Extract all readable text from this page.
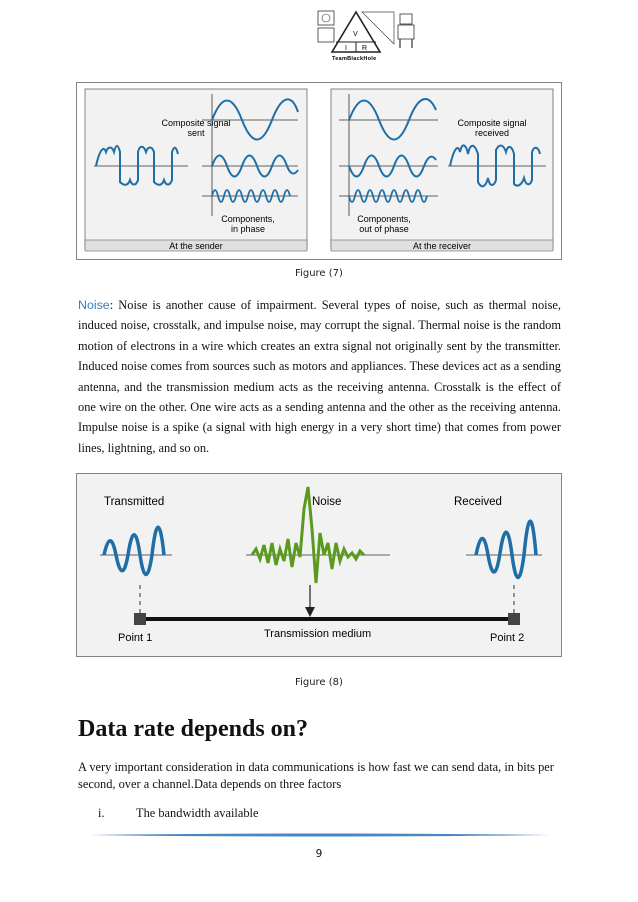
V
I R
TeamBlackHole
Composite signal
sent
Components,
in phase
At the sender
Components,
out of phase
Composite signal
received
At the receiver
Figure (7)
Noise: Noise is another cause of impairment. Several types of noise, such as thermal noise, induced noise, crosstalk, and impulse noise, may corrupt the signal. Thermal noise is the random motion of electrons in a wire which creates an extra signal not originally sent by the transmitter. Induced noise comes from sources such as motors and appliances. These devices act as a sending antenna, and the transmission medium acts as the receiving antenna. Crosstalk is the effect of one wire on the other. One wire acts as a sending antenna and the other as the receiving antenna. Impulse noise is a spike (a signal with high energy in a very short time) that comes from power lines, lightning, and so on.
Transmitted	Noise	Received
Point 1	Transmission medium	Point 2
Figure (8)
Data rate depends on?
A very important consideration in data communications is how fast we can send data, in bits per second, over a channel.Data depends on three factors
i.	The bandwidth available
9
